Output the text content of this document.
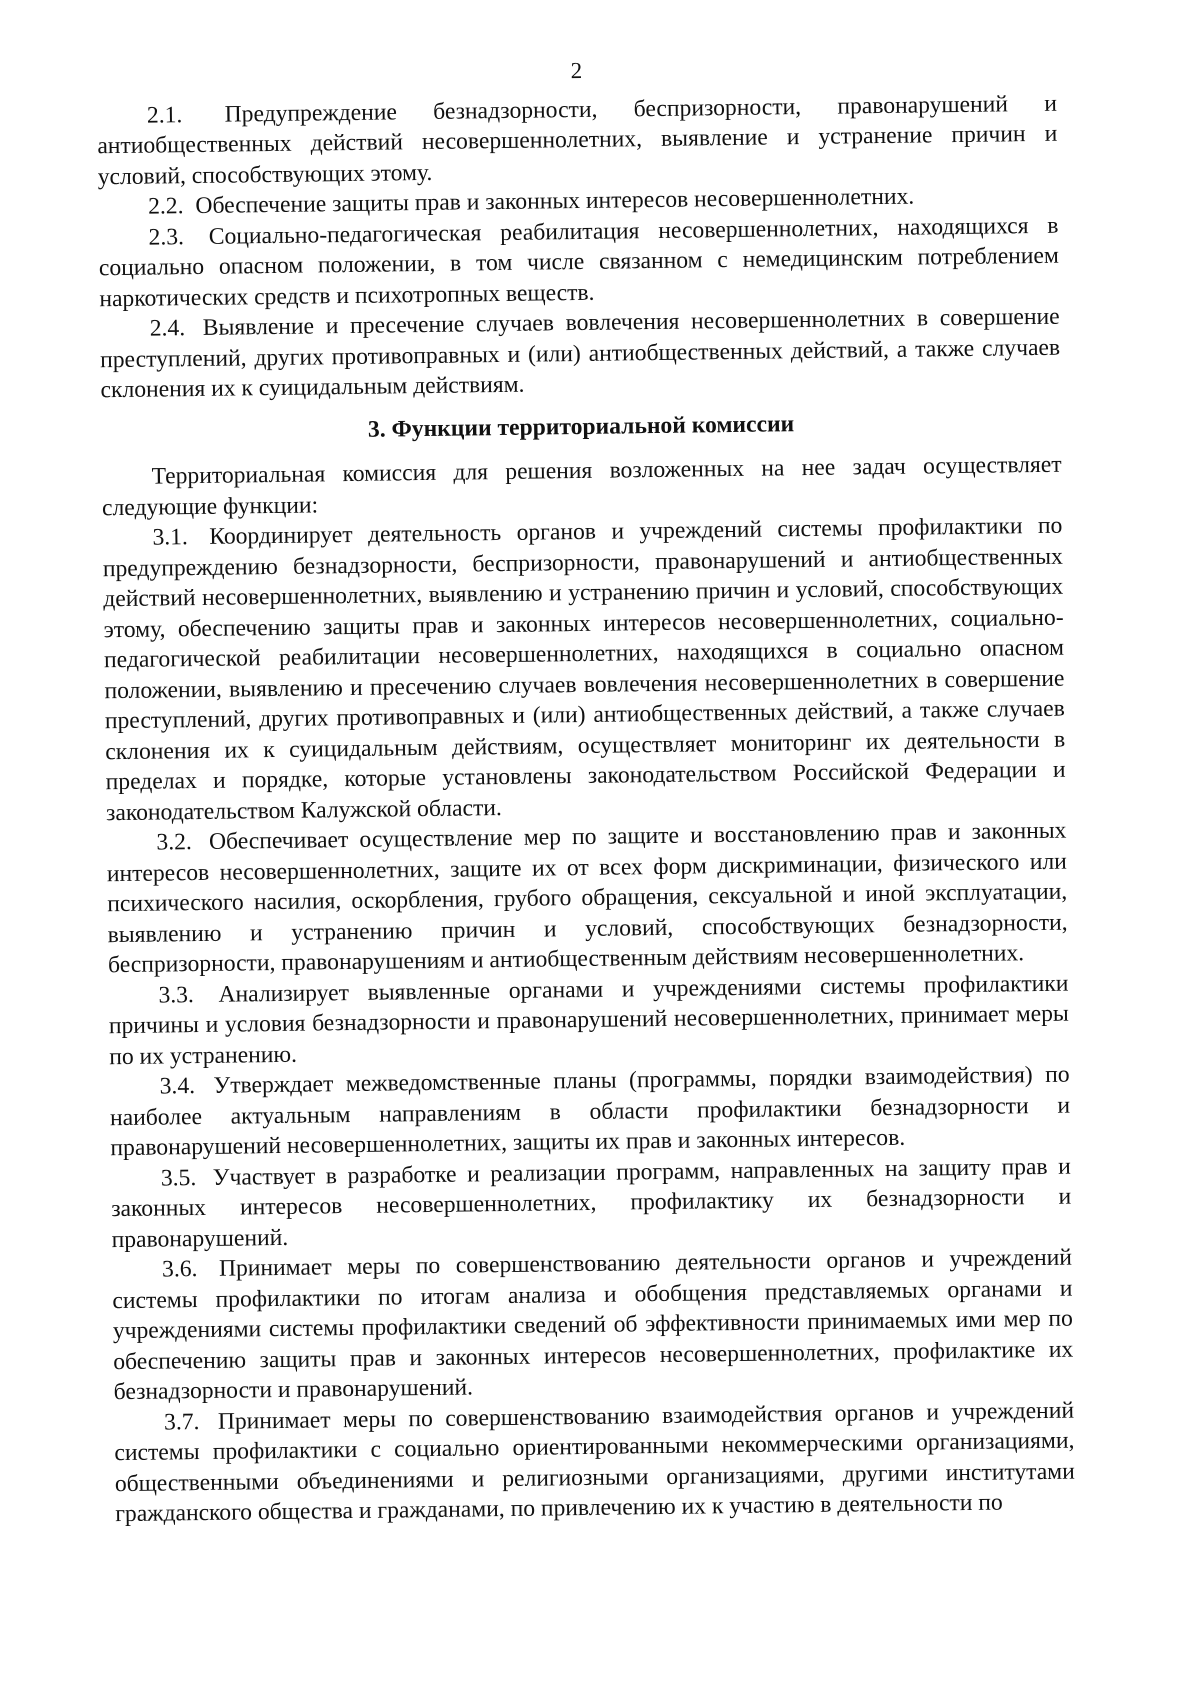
2

2.1. Предупреждение безнадзорности, беспризорности, правонарушений и антиобщественных действий несовершеннолетних, выявление и устранение причин и условий, способствующих этому.

2.2. Обеспечение защиты прав и законных интересов несовершеннолетних.

2.3. Социально-педагогическая реабилитация несовершеннолетних, находящихся в социально опасном положении, в том числе связанном с немедицинским потреблением наркотических средств и психотропных веществ.

2.4. Выявление и пресечение случаев вовлечения несовершеннолетних в совершение преступлений, других противоправных и (или) антиобщественных действий, а также случаев склонения их к суицидальным действиям.

3. Функции территориальной комиссии

Территориальная комиссия для решения возложенных на нее задач осуществляет следующие функции:

3.1. Координирует деятельность органов и учреждений системы профилактики по предупреждению безнадзорности, беспризорности, правонарушений и антиобщественных действий несовершеннолетних, выявлению и устранению причин и условий, способствующих этому, обеспечению защиты прав и законных интересов несовершеннолетних, социально-педагогической реабилитации несовершеннолетних, находящихся в социально опасном положении, выявлению и пресечению случаев вовлечения несовершеннолетних в совершение преступлений, других противоправных и (или) антиобщественных действий, а также случаев склонения их к суицидальным действиям, осуществляет мониторинг их деятельности в пределах и порядке, которые установлены законодательством Российской Федерации и законодательством Калужской области.

3.2. Обеспечивает осуществление мер по защите и восстановлению прав и законных интересов несовершеннолетних, защите их от всех форм дискриминации, физического или психического насилия, оскорбления, грубого обращения, сексуальной и иной эксплуатации, выявлению и устранению причин и условий, способствующих безнадзорности, беспризорности, правонарушениям и антиобщественным действиям несовершеннолетних.

3.3. Анализирует выявленные органами и учреждениями системы профилактики причины и условия безнадзорности и правонарушений несовершеннолетних, принимает меры по их устранению.

3.4. Утверждает межведомственные планы (программы, порядки взаимодействия) по наиболее актуальным направлениям в области профилактики безнадзорности и правонарушений несовершеннолетних, защиты их прав и законных интересов.

3.5. Участвует в разработке и реализации программ, направленных на защиту прав и законных интересов несовершеннолетних, профилактику их безнадзорности и правонарушений.

3.6. Принимает меры по совершенствованию деятельности органов и учреждений системы профилактики по итогам анализа и обобщения представляемых органами и учреждениями системы профилактики сведений об эффективности принимаемых ими мер по обеспечению защиты прав и законных интересов несовершеннолетних, профилактике их безнадзорности и правонарушений.

3.7. Принимает меры по совершенствованию взаимодействия органов и учреждений системы профилактики с социально ориентированными некоммерческими организациями, общественными объединениями и религиозными организациями, другими институтами гражданского общества и гражданами, по привлечению их к участию в деятельности по
